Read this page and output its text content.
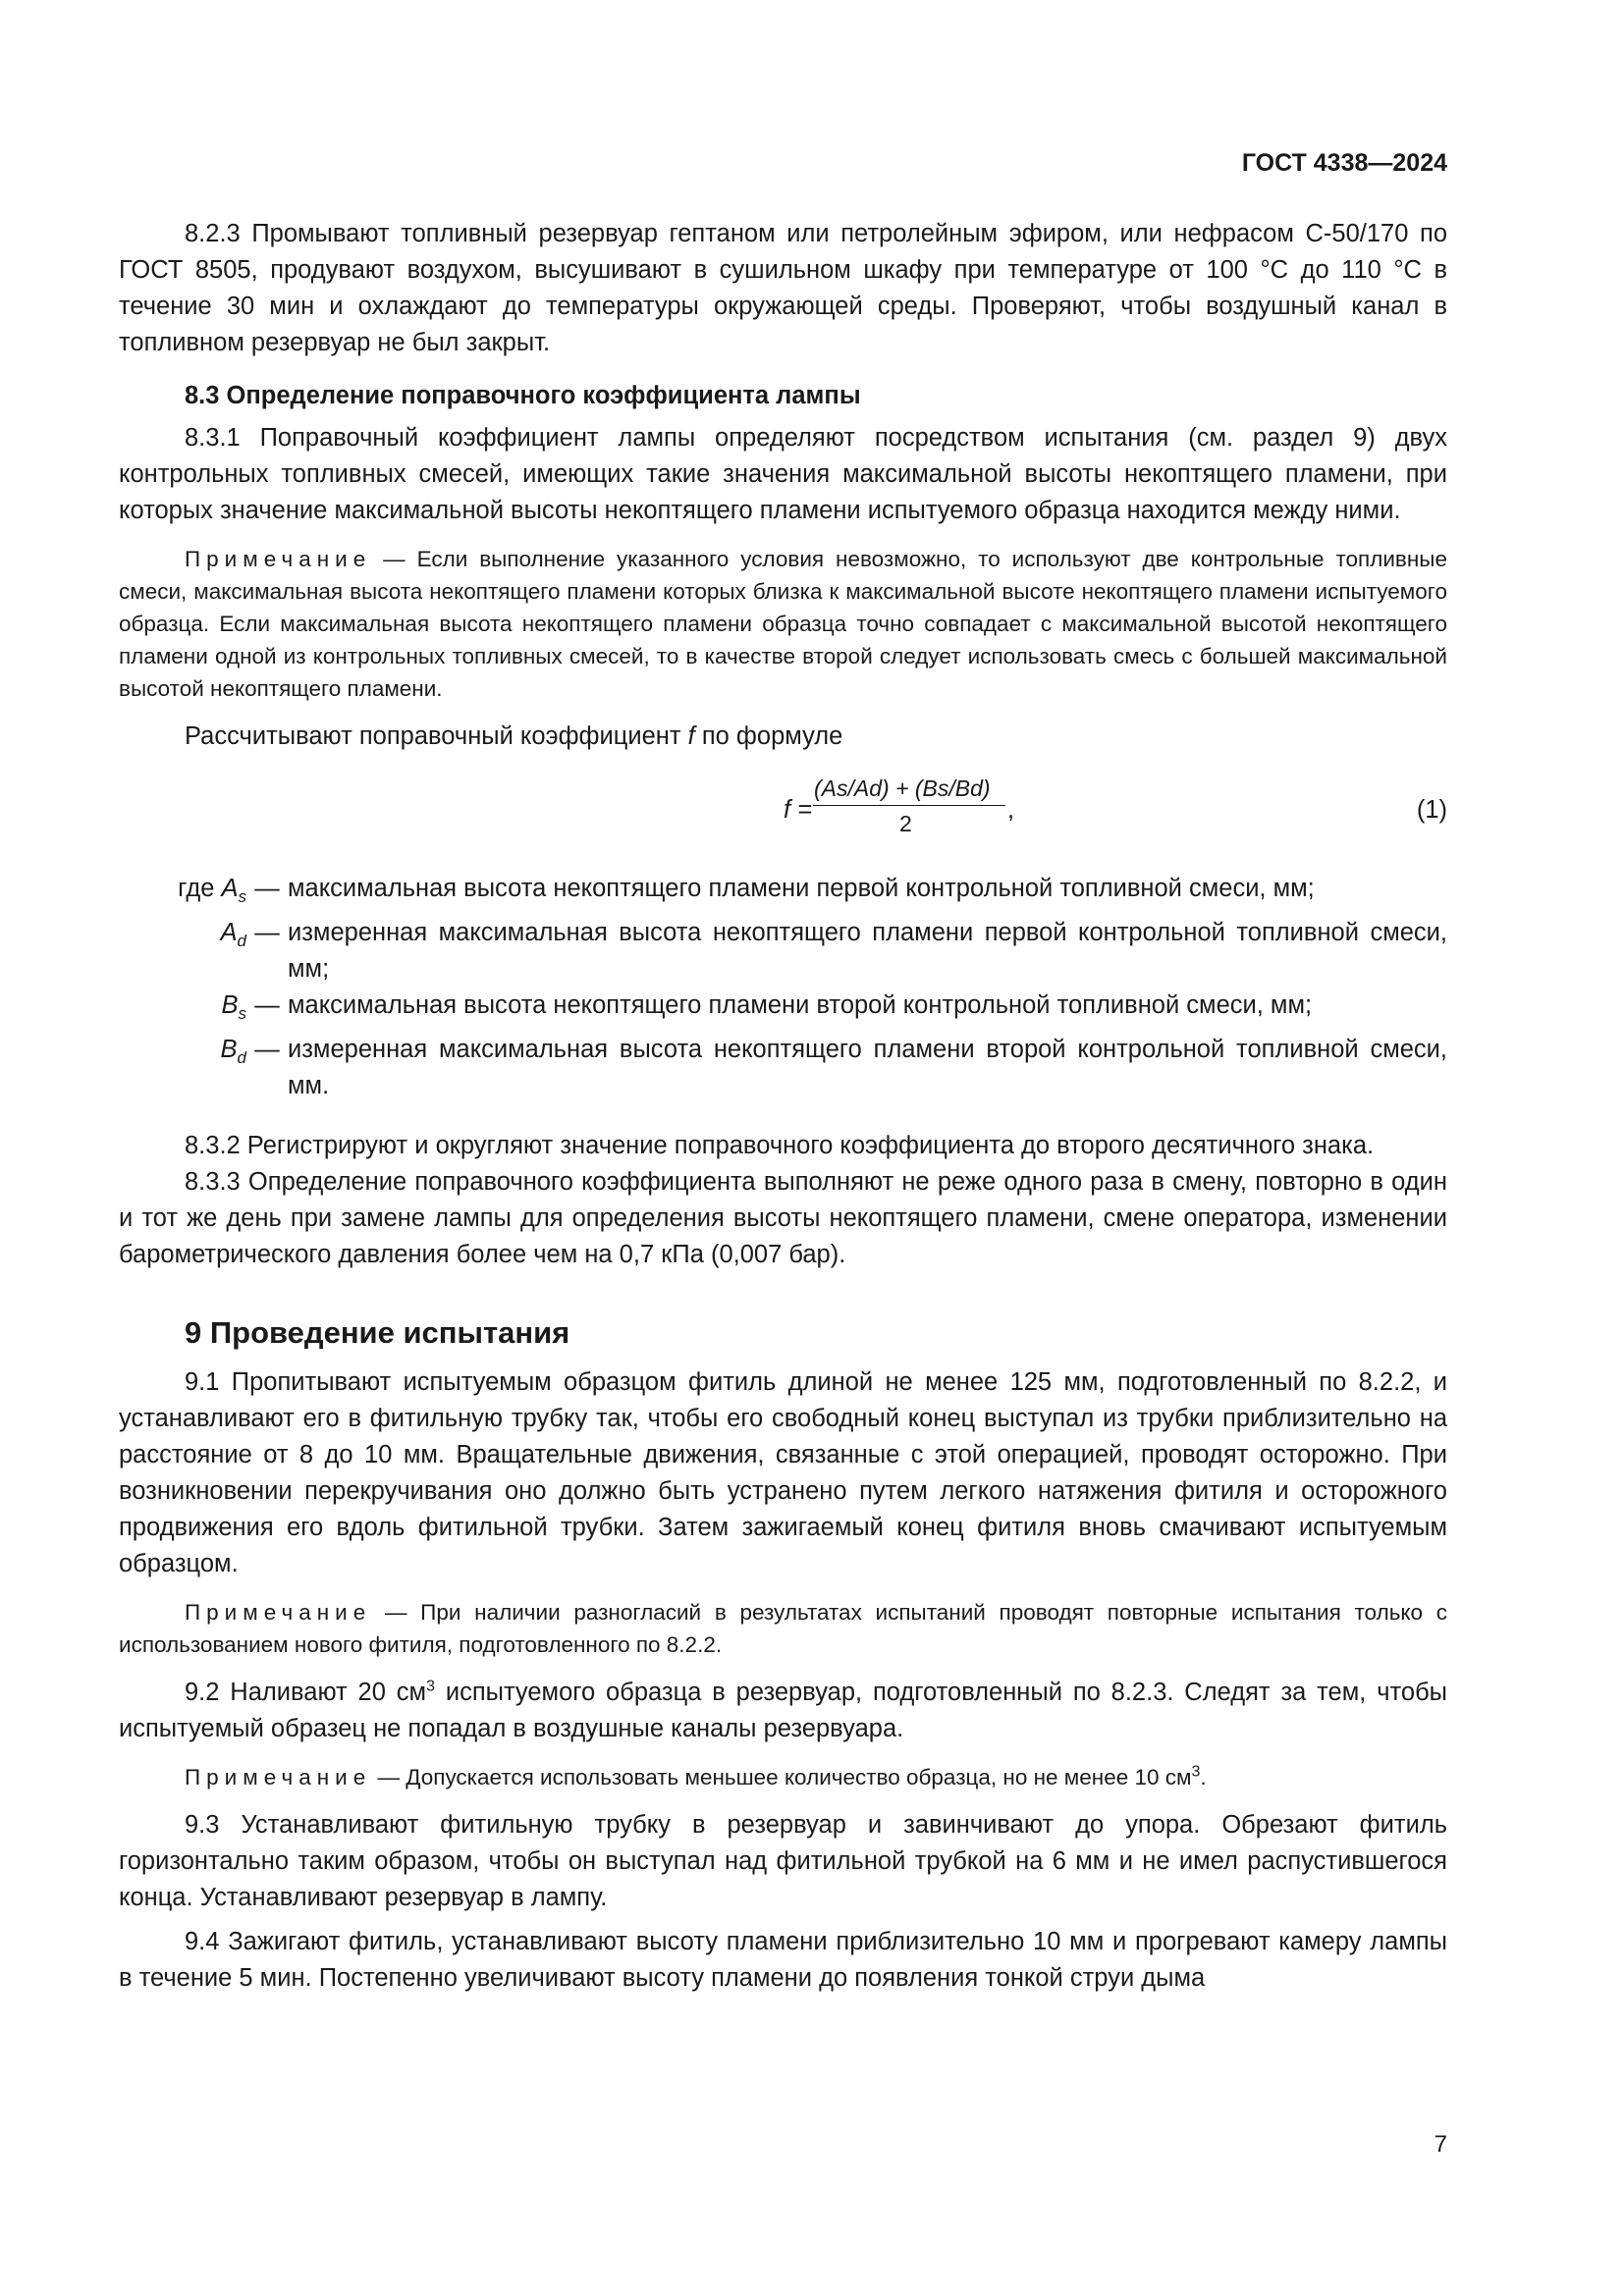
ГОСТ 4338—2024

8.2.3 Промывают топливный резервуар гептаном или петролейным эфиром, или нефрасом С-50/170 по ГОСТ 8505, продувают воздухом, высушивают в сушильном шкафу при температуре от 100 °С до 110 °С в течение 30 мин и охлаждают до температуры окружающей среды. Проверяют, чтобы воздушный канал в топливном резервуар не был закрыт.

8.3 Определение поправочного коэффициента лампы

8.3.1 Поправочный коэффициент лампы определяют посредством испытания (см. раздел 9) двух контрольных топливных смесей, имеющих такие значения максимальной высоты некоптящего пламени, при которых значение максимальной высоты некоптящего пламени испытуемого образца находится между ними.

Примечание — Если выполнение указанного условия невозможно, то используют две контрольные топливные смеси, максимальная высота некоптящего пламени которых близка к максимальной высоте некоптящего пламени испытуемого образца. Если максимальная высота некоптящего пламени образца точно совпадает с максимальной высотой некоптящего пламени одной из контрольных топливных смесей, то в качестве второй следует использовать смесь с большей максимальной высотой некоптящего пламени.

Рассчитывают поправочный коэффициент f по формуле

f =
(As/Ad) + (Bs/Bd)
2	,	(1)
где $A_s$ — максимальная высота некоптящего пламени первой контрольной топливной смеси, мм;
$A_d$ — измеренная максимальная высота некоптящего пламени первой контрольной топливной смеси, мм;
$B_s$ — максимальная высота некоптящего пламени второй контрольной топливной смеси, мм;
$B_d$ — измеренная максимальная высота некоптящего пламени второй контрольной топливной смеси, мм.

8.3.2 Регистрируют и округляют значение поправочного коэффициента до второго десятичного знака.

8.3.3 Определение поправочного коэффициента выполняют не реже одного раза в смену, повторно в один и тот же день при замене лампы для определения высоты некоптящего пламени, смене оператора, изменении барометрического давления более чем на 0,7 кПа (0,007 бар).

9 Проведение испытания

9.1 Пропитывают испытуемым образцом фитиль длиной не менее 125 мм, подготовленный по 8.2.2, и устанавливают его в фитильную трубку так, чтобы его свободный конец выступал из трубки приблизительно на расстояние от 8 до 10 мм. Вращательные движения, связанные с этой операцией, проводят осторожно. При возникновении перекручивания оно должно быть устранено путем легкого натяжения фитиля и осторожного продвижения его вдоль фитильной трубки. Затем зажигаемый конец фитиля вновь смачивают испытуемым образцом.

Примечание — При наличии разногласий в результатах испытаний проводят повторные испытания только с использованием нового фитиля, подготовленного по 8.2.2.

9.2 Наливают 20 $см^3$ испытуемого образца в резервуар, подготовленный по 8.2.3. Следят за тем, чтобы испытуемый образец не попадал в воздушные каналы резервуара.

Примечание — Допускается использовать меньшее количество образца, но не менее 10 $см^3$.

9.3 Устанавливают фитильную трубку в резервуар и завинчивают до упора. Обрезают фитиль горизонтально таким образом, чтобы он выступал над фитильной трубкой на 6 мм и не имел распустившегося конца. Устанавливают резервуар в лампу.

9.4 Зажигают фитиль, устанавливают высоту пламени приблизительно 10 мм и прогревают камеру лампы в течение 5 мин. Постепенно увеличивают высоту пламени до появления тонкой струи дыма

7
